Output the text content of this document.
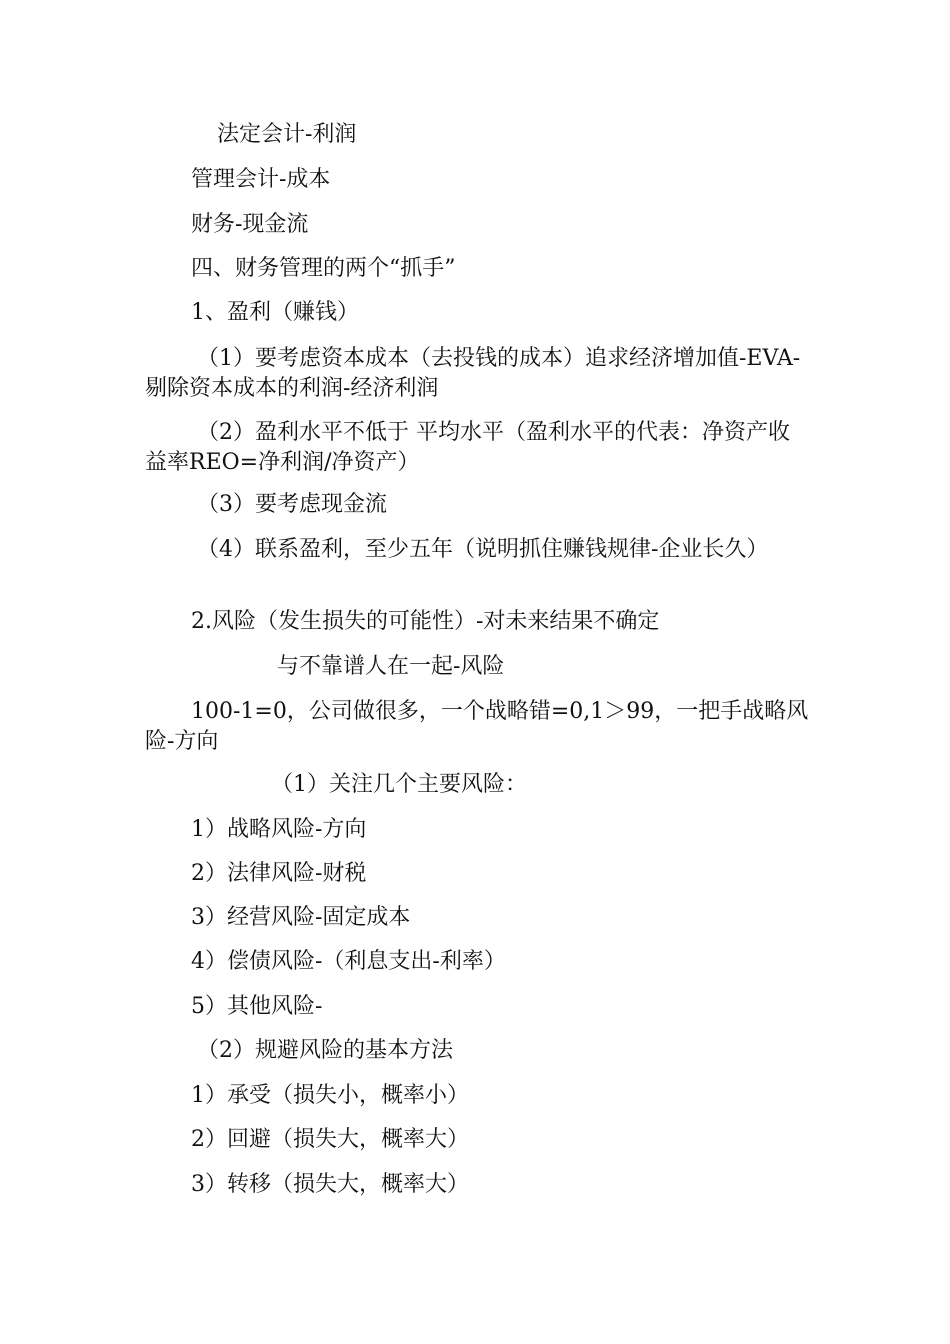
法定会计-利润
管理会计-成本
财务-现金流
四、财务管理的两个“抓手”
1、盈利（赚钱）
（1）要考虑资本成本（去投钱的成本）追求经济增加值-EVA-剔除资本成本的利润-经济利润
（2）盈利水平不低于 平均水平（盈利水平的代表：净资产收益率REO=净利润/净资产）
（3）要考虑现金流
（4）联系盈利，至少五年（说明抓住赚钱规律-企业长久）
2.风险（发生损失的可能性）-对未来结果不确定
与不靠谱人在一起-风险
100-1=0，公司做很多，一个战略错=0,1＞99，一把手战略风险-方向
（1）关注几个主要风险：
1）战略风险-方向
2）法律风险-财税
3）经营风险-固定成本
4）偿债风险-（利息支出-利率）
5）其他风险-
（2）规避风险的基本方法
1）承受（损失小，概率小）
2）回避（损失大，概率大）
3）转移（损失大，概率大）
